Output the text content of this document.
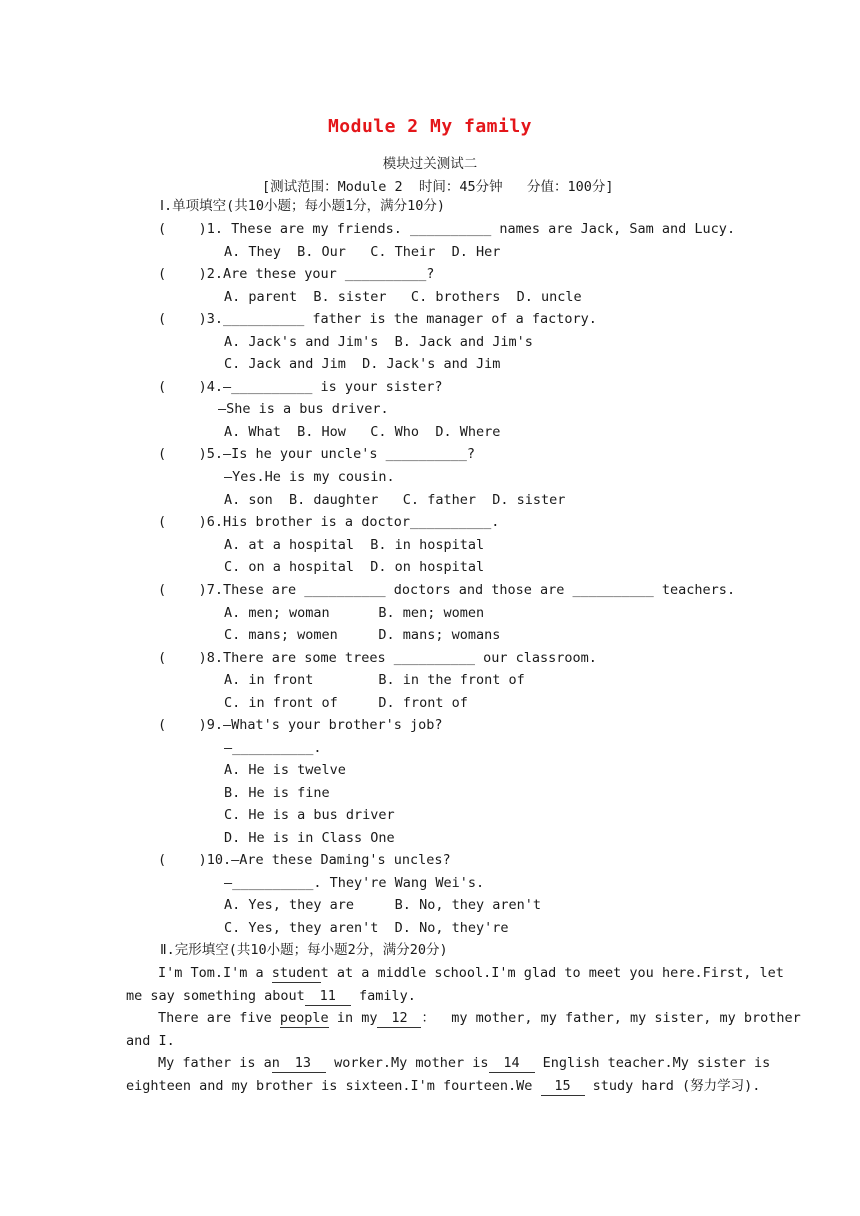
Module 2 My family
模块过关测试二
[测试范围：Module 2  时间：45分钟   分值：100分]
Ⅰ.单项填空(共10小题；每小题1分，满分10分)
(    )1. These are my friends. __________ names are Jack, Sam and Lucy.
A. They  B. Our   C. Their  D. Her
(    )2.Are these your __________?
A. parent  B. sister   C. brothers  D. uncle
(    )3.__________ father is the manager of a factory.
A. Jack's and Jim's  B. Jack and Jim's
C. Jack and Jim  D. Jack's and Jim
(    )4.—__________ is your sister?
—She is a bus driver.
A. What  B. How   C. Who  D. Where
(    )5.—Is he your uncle's __________?
—Yes.He is my cousin.
A. son  B. daughter   C. father  D. sister
(    )6.His brother is a doctor__________.
A. at a hospital  B. in hospital
C. on a hospital  D. on hospital
(    )7.These are __________ doctors and those are __________ teachers.
A. men; woman      B. men; women
C. mans; women     D. mans; womans
(    )8.There are some trees __________ our classroom.
A. in front        B. in the front of
C. in front of     D. front of
(    )9.—What's your brother's job?
—__________.
A. He is twelve
B. He is fine
C. He is a bus driver
D. He is in Class One
(    )10.—Are these Daming's uncles?
—__________. They're Wang Wei's.
A. Yes, they are     B. No, they aren't
C. Yes, they aren't  D. No, they're
Ⅱ.完形填空(共10小题；每小题2分，满分20分)
I'm Tom.I'm a student at a middle school.I'm glad to meet you here.First, let
me say something about 11 family.
There are five people in my 12 ：  my mother, my father, my sister, my brother
and I.
My father is an 13 worker.My mother is 14 English teacher.My sister is
eighteen and my brother is sixteen.I'm fourteen.We 15 study hard (努力学习).
